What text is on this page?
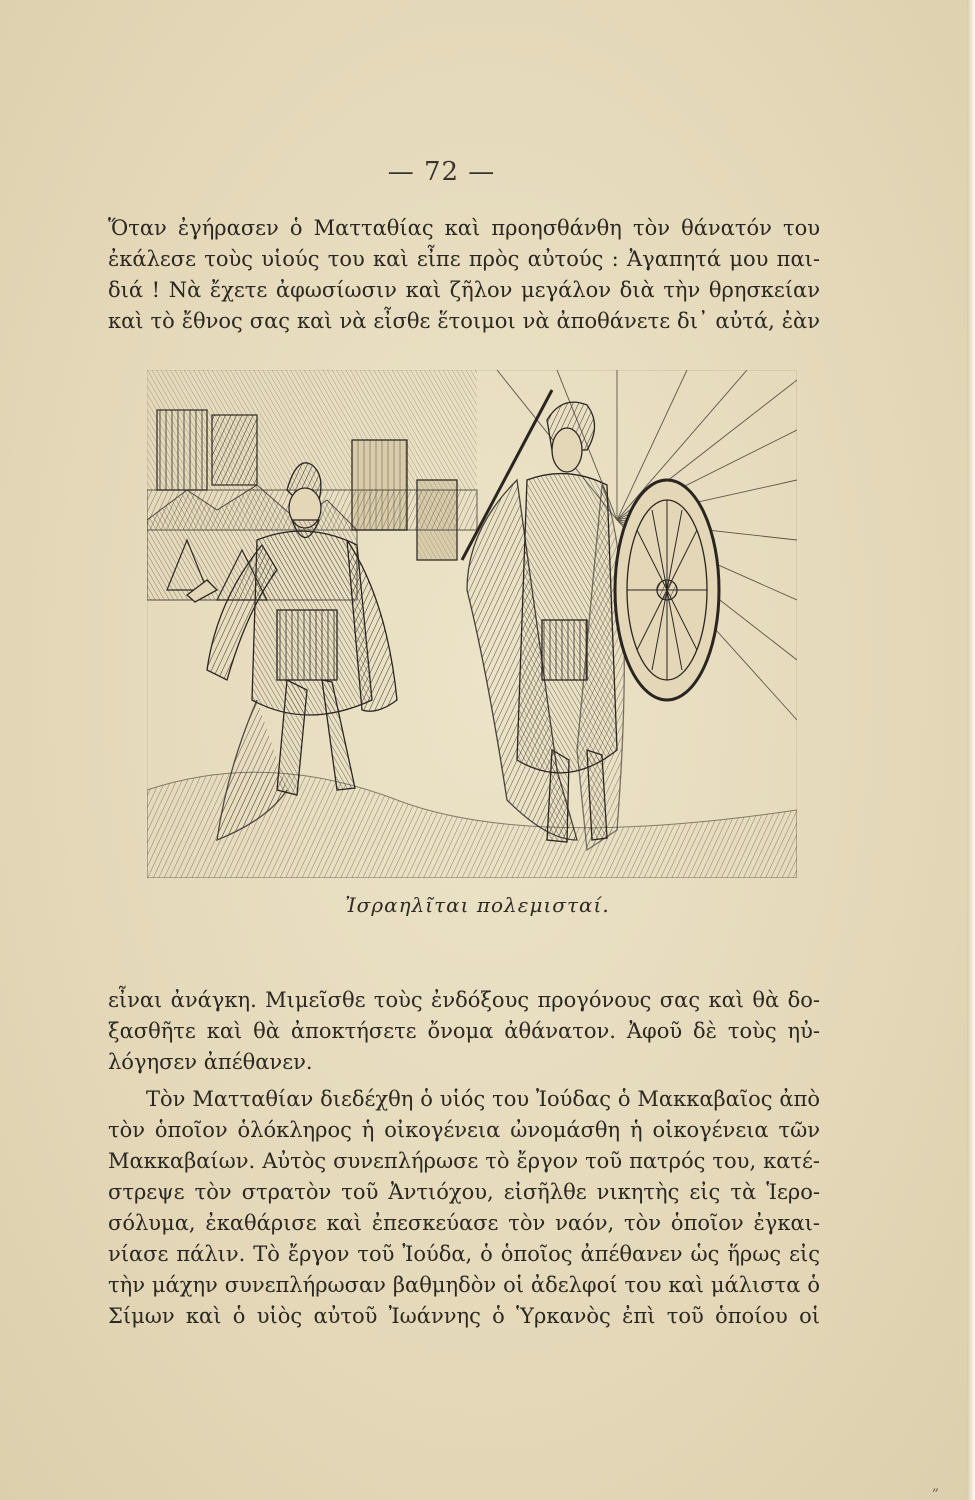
— 72 —
Ὅταν ἐγήρασεν ὁ Ματταθίας καὶ προησθάνθη τὸν θάνατόν του
ἐκάλεσε τοὺς υἱούς του καὶ εἶπε πρὸς αὐτούς : Ἀγαπητά μου παι-
διά ! Νὰ ἔχετε ἀφωσίωσιν καὶ ζῆλον μεγάλον διὰ τὴν θρησκείαν
καὶ τὸ ἔθνος σας καὶ νὰ εἶσθε ἕτοιμοι νὰ ἀποθάνετε δι᾽ αὐτά, ἐὰν
Ἰσραηλῖται πολεμισταί.
εἶναι ἀνάγκη. Μιμεῖσθε τοὺς ἐνδόξους προγόνους σας καὶ θὰ δο-
ξασθῆτε καὶ θὰ ἀποκτήσετε ὄνομα ἀθάνατον. Ἀφοῦ δὲ τοὺς ηὐ-
λόγησεν ἀπέθανεν.
Τὸν Ματταθίαν διεδέχθη ὁ υἱός του Ἰούδας ὁ Μακκαβαῖος ἀπὸ
τὸν ὁποῖον ὁλόκληρος ἡ οἰκογένεια ὠνομάσθη ἡ οἰκογένεια τῶν
Μακκαβαίων. Αὐτὸς συνεπλήρωσε τὸ ἔργον τοῦ πατρός του, κατέ-
στρεψε τὸν στρατὸν τοῦ Ἀντιόχου, εἰσῆλθε νικητὴς εἰς τὰ Ἱερο-
σόλυμα, ἐκαθάρισε καὶ ἐπεσκεύασε τὸν ναόν, τὸν ὁποῖον ἐγκαι-
νίασε πάλιν. Τὸ ἔργον τοῦ Ἰούδα, ὁ ὁποῖος ἀπέθανεν ὡς ἥρως εἰς
τὴν μάχην συνεπλήρωσαν βαθμηδὸν οἱ ἀδελφοί του καὶ μάλιστα ὁ
Σίμων καὶ ὁ υἱὸς αὐτοῦ Ἰωάννης ὁ Ὑρκανὸς ἐπὶ τοῦ ὁποίου οἱ
„
